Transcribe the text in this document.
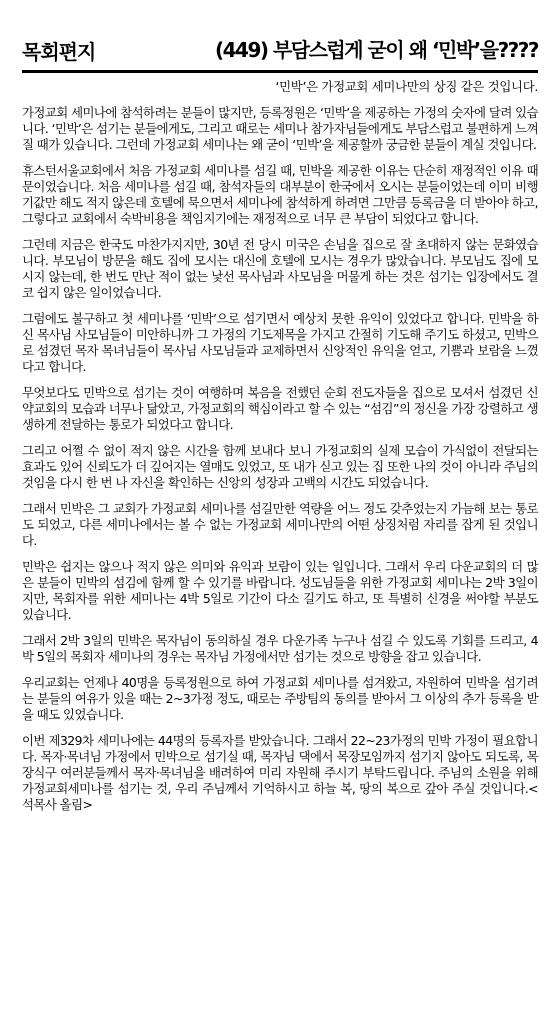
목회편지	(449) 부담스럽게 굳이 왜 ‘민박’을????
‘민박’은 가정교회 세미나만의 상징 같은 것입니다.

가정교회 세미나에 참석하려는 분들이 많지만, 등록정원은 ‘민박’을 제공하는 가정의 숫자에 달려 있습니다. ‘민박’은 섬기는 분들에게도, 그리고 때로는 세미나 참가자님들에게도 부담스럽고 불편하게 느껴질 때가 있습니다. 그런데 가정교회 세미나는 왜 굳이 ‘민박’을 제공할까 궁금한 분들이 계실 것입니다.

휴스턴서울교회에서 처음 가정교회 세미나를 섬길 때, 민박을 제공한 이유는 단순히 재정적인 이유 때문이었습니다. 처음 세미나를 섬길 때, 참석자들의 대부분이 한국에서 오시는 분들이었는데 이미 비행기값만 해도 적지 않은데 호텔에 묵으면서 세미나에 참석하게 하려면 그만큼 등록금을 더 받아야 하고, 그렇다고 교회에서 숙박비용을 책임지기에는 재정적으로 너무 큰 부담이 되었다고 합니다.

그런데 지금은 한국도 마찬가지지만, 30년 전 당시 미국은 손님을 집으로 잘 초대하지 않는 문화였습니다. 부모님이 방문을 해도 집에 모시는 대신에 호텔에 모시는 경우가 많았습니다. 부모님도 집에 모시지 않는데, 한 번도 만난 적이 없는 낯선 목사님과 사모님을 머물게 하는 것은 섬기는 입장에서도 결코 쉽지 않은 일이었습니다.

그럼에도 불구하고 첫 세미나를 ‘민박’으로 섬기면서 예상치 못한 유익이 있었다고 합니다. 민박을 하신 목사님 사모님들이 미안하니까 그 가정의 기도제목을 가지고 간절히 기도해 주기도 하셨고, 민박으로 섬겼던 목자 목녀님들이 목사님 사모님들과 교제하면서 신앙적인 유익을 얻고, 기쁨과 보람을 느꼈다고 합니다.

무엇보다도 민박으로 섬기는 것이 여행하며 복음을 전했던 순회 전도자들을 집으로 모셔서 섬겼던 신약교회의 모습과 너무나 닮았고, 가정교회의 핵심이라고 할 수 있는 “섬김”의 정신을 가장 강렬하고 생생하게 전달하는 통로가 되었다고 합니다.

그리고 어쩔 수 없이 적지 않은 시간을 함께 보내다 보니 가정교회의 실제 모습이 가식없이 전달되는 효과도 있어 신뢰도가 더 깊어지는 열매도 있었고, 또 내가 싣고 있는 집 또한 나의 것이 아니라 주님의 것임을 다시 한 번 나 자신을 확인하는 신앙의 성장과 고백의 시간도 되었습니다.

그래서 민박은 그 교회가 가정교회 세미나를 섬길만한 역량을 어느 정도 갖추었는지 가늠해 보는 통로도 되었고, 다른 세미나에서는 볼 수 없는 가정교회 세미나만의 어떤 상징처럼 자리를 잡게 된 것입니다.

민박은 쉽지는 않으나 적지 않은 의미와 유익과 보람이 있는 일입니다. 그래서 우리 다운교회의 더 많은 분들이 민박의 섬김에 함께 할 수 있기를 바랍니다. 성도님들을 위한 가정교회 세미나는 2박 3일이지만, 목회자를 위한 세미나는 4박 5일로 기간이 다소 길기도 하고, 또 특별히 신경을 써야할 부분도 있습니다.

그래서 2박 3일의 민박은 목자님이 동의하실 경우 다운가족 누구나 섬길 수 있도록 기회를 드리고, 4박 5일의 목회자 세미나의 경우는 목자님 가정에서만 섬기는 것으로 방향을 잡고 있습니다.

우리교회는 언제나 40명을 등록정원으로 하여 가정교회 세미나를 섬겨왔고, 자원하여 민박을 섬기려는 분들의 여유가 있을 때는 2~3가정 정도, 때로는 주방팀의 동의를 받아서 그 이상의 추가 등록을 받을 때도 있었습니다.

이번 제329차 세미나에는 44명의 등록자를 받았습니다. 그래서 22~23가정의 민박 가정이 필요합니다. 목자·목녀님 가정에서 민박으로 섬기실 때, 목자님 댁에서 목장모임까지 섬기지 않아도 되도록, 목장식구 여러분들께서 목자·목녀님을 배려하여 미리 자원해 주시기 부탁드립니다. 주님의 소원을 위해 가정교회세미나를 섬기는 것, 우리 주님께서 기억하시고 하늘 복, 땅의 복으로 갚아 주실 것입니다.<석목사 올림>
